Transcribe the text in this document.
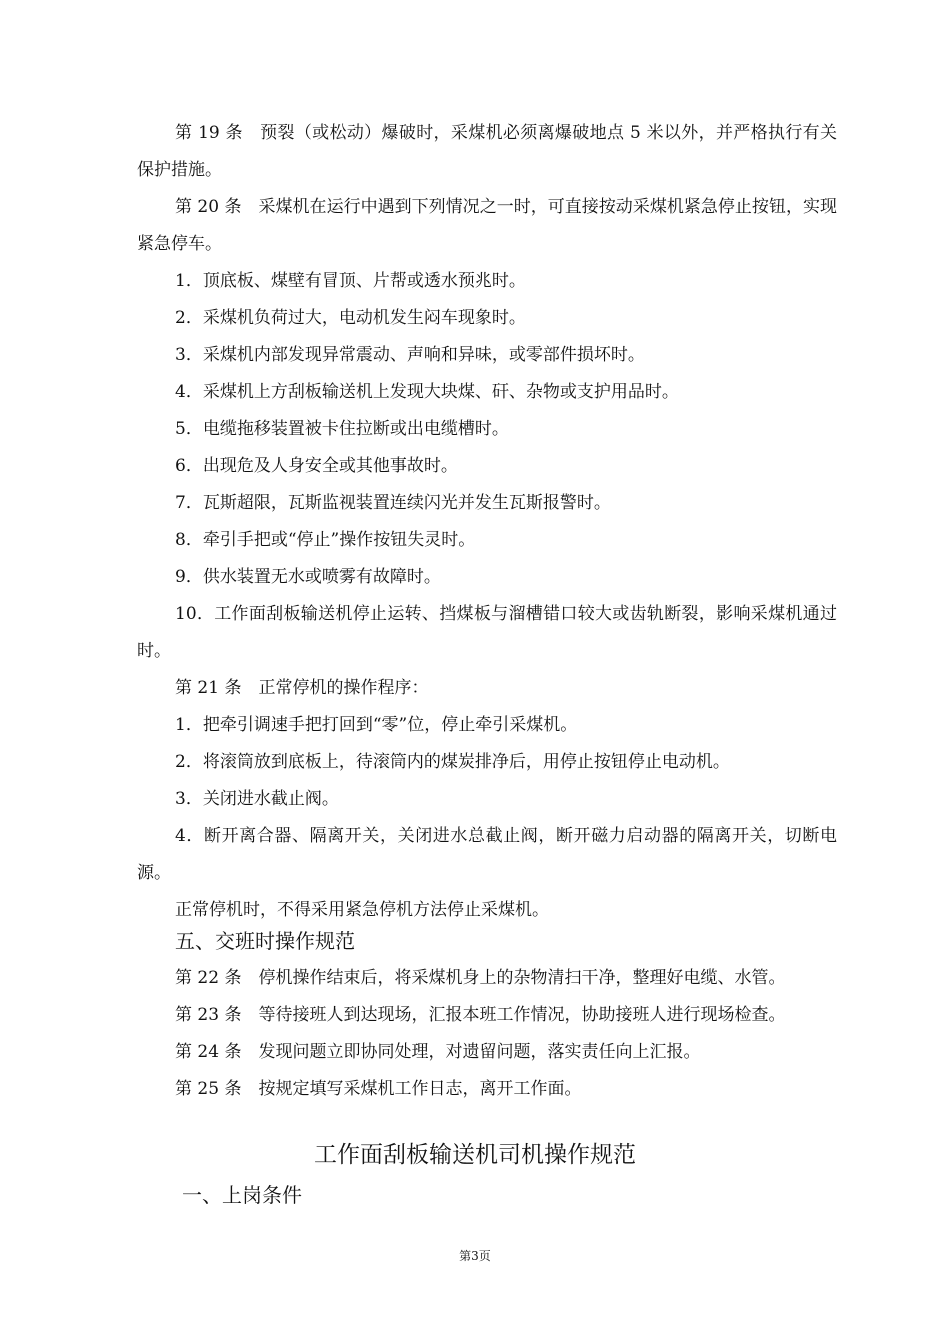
第 19 条　预裂（或松动）爆破时，采煤机必须离爆破地点 5 米以外，并严格执行有关保护措施。

第 20 条　采煤机在运行中遇到下列情况之一时，可直接按动采煤机紧急停止按钮，实现紧急停车。

1．顶底板、煤壁有冒顶、片帮或透水预兆时。

2．采煤机负荷过大，电动机发生闷车现象时。

3．采煤机内部发现异常震动、声响和异味，或零部件损坏时。

4．采煤机上方刮板输送机上发现大块煤、矸、杂物或支护用品时。

5．电缆拖移装置被卡住拉断或出电缆槽时。

6．出现危及人身安全或其他事故时。

7．瓦斯超限，瓦斯监视装置连续闪光并发生瓦斯报警时。

8．牵引手把或“停止”操作按钮失灵时。

9．供水装置无水或喷雾有故障时。

10．工作面刮板输送机停止运转、挡煤板与溜槽错口较大或齿轨断裂，影响采煤机通过时。

第 21 条　正常停机的操作程序：

1．把牵引调速手把打回到“零”位，停止牵引采煤机。

2．将滚筒放到底板上，待滚筒内的煤炭排净后，用停止按钮停止电动机。

3．关闭进水截止阀。

4．断开离合器、隔离开关，关闭进水总截止阀，断开磁力启动器的隔离开关，切断电源。

正常停机时，不得采用紧急停机方法停止采煤机。

五、交班时操作规范

第 22 条　停机操作结束后，将采煤机身上的杂物清扫干净，整理好电缆、水管。

第 23 条　等待接班人到达现场，汇报本班工作情况，协助接班人进行现场检查。

第 24 条　发现问题立即协同处理，对遗留问题，落实责任向上汇报。

第 25 条　按规定填写采煤机工作日志，离开工作面。

工作面刮板输送机司机操作规范
一、上岗条件

第3页
